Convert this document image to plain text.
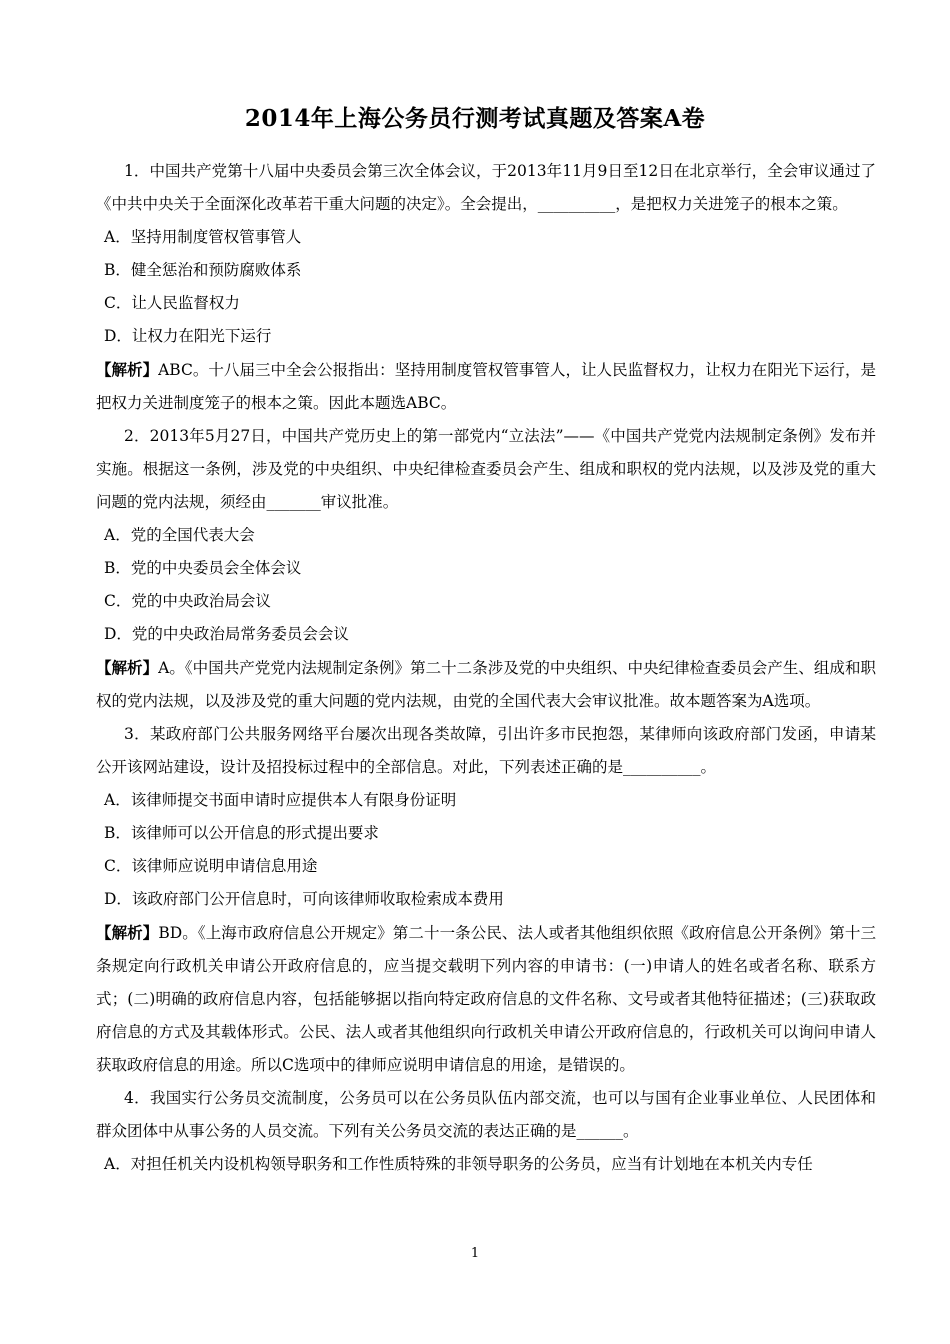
2014年上海公务员行测考试真题及答案A卷

1．中国共产党第十八届中央委员会第三次全体会议，于2013年11月9日至12日在北京举行，全会审议通过了《中共中央关于全面深化改革若干重大问题的决定》。全会提出，__________，是把权力关进笼子的根本之策。

A．坚持用制度管权管事管人

B．健全惩治和预防腐败体系

C．让人民监督权力

D．让权力在阳光下运行

【解析】ABC。十八届三中全会公报指出：坚持用制度管权管事管人，让人民监督权力，让权力在阳光下运行，是把权力关进制度笼子的根本之策。因此本题选ABC。

2．2013年5月27日，中国共产党历史上的第一部党内“立法法”——《中国共产党党内法规制定条例》发布并实施。根据这一条例，涉及党的中央组织、中央纪律检查委员会产生、组成和职权的党内法规，以及涉及党的重大问题的党内法规，须经由_______审议批准。

A．党的全国代表大会

B．党的中央委员会全体会议

C．党的中央政治局会议

D．党的中央政治局常务委员会会议

【解析】A。《中国共产党党内法规制定条例》第二十二条涉及党的中央组织、中央纪律检查委员会产生、组成和职权的党内法规，以及涉及党的重大问题的党内法规，由党的全国代表大会审议批准。故本题答案为A选项。

3．某政府部门公共服务网络平台屡次出现各类故障，引出许多市民抱怨，某律师向该政府部门发函，申请某公开该网站建设，设计及招投标过程中的全部信息。对此，下列表述正确的是__________。

A．该律师提交书面申请时应提供本人有限身份证明

B．该律师可以公开信息的形式提出要求

C．该律师应说明申请信息用途

D．该政府部门公开信息时，可向该律师收取检索成本费用

【解析】BD。《上海市政府信息公开规定》第二十一条公民、法人或者其他组织依照《政府信息公开条例》第十三条规定向行政机关申请公开政府信息的，应当提交载明下列内容的申请书：(一)申请人的姓名或者名称、联系方式；(二)明确的政府信息内容，包括能够据以指向特定政府信息的文件名称、文号或者其他特征描述；(三)获取政府信息的方式及其载体形式。公民、法人或者其他组织向行政机关申请公开政府信息的，行政机关可以询问申请人获取政府信息的用途。所以C选项中的律师应说明申请信息的用途，是错误的。

4．我国实行公务员交流制度，公务员可以在公务员队伍内部交流，也可以与国有企业事业单位、人民团体和群众团体中从事公务的人员交流。下列有关公务员交流的表达正确的是______。

A．对担任机关内设机构领导职务和工作性质特殊的非领导职务的公务员，应当有计划地在本机关内专任

1
